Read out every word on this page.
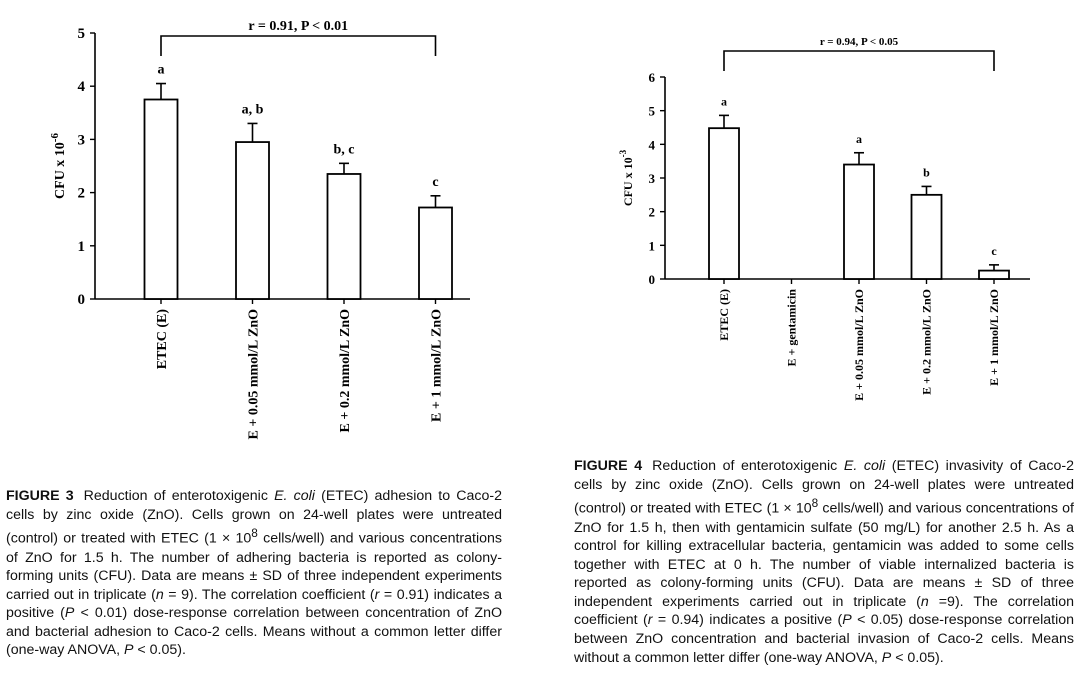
0
1
2
3
4
5
CFU x $10^{-6}$
a
ETEC (E)
a, b
E + 0.05 mmol/L ZnO
b, c
E + 0.2 mmol/L ZnO
c
E + 1 mmol/L ZnO
r = 0.91, P < 0.01
0
1
2
3
4
5
6
CFU x $10^{-3}$
a
ETEC (E)	E + gentamicin
a
E + 0.05 mmol/L ZnO
b
E + 0.2 mmol/L ZnO
c
E + 1 mmol/L ZnO
r = 0.94, P < 0.05
FIGURE 3 Reduction of enterotoxigenic E. coli (ETEC) adhesion to Caco-2 cells by zinc oxide (ZnO). Cells grown on 24-well plates were untreated (control) or treated with ETEC ($1 \times 10^8$ cells/well) and various concentrations of ZnO for 1.5 h. The number of adhering bacteria is reported as colony-forming units (CFU). Data are means ± SD of three independent experiments carried out in triplicate (n = 9). The correlation coefficient (r = 0.91) indicates a positive (P < 0.01) dose-response correlation between concentration of ZnO and bacterial adhesion to Caco-2 cells. Means without a common letter differ (one-way ANOVA, P < 0.05).
FIGURE 4 Reduction of enterotoxigenic E. coli (ETEC) invasivity of Caco-2 cells by zinc oxide (ZnO). Cells grown on 24-well plates were untreated (control) or treated with ETEC ($1 \times 10^8$ cells/well) and various concentrations of ZnO for 1.5 h, then with gentamicin sulfate (50 mg/L) for another 2.5 h. As a control for killing extracellular bacteria, gentamicin was added to some cells together with ETEC at 0 h. The number of viable internalized bacteria is reported as colony-forming units (CFU). Data are means ± SD of three independent experiments carried out in triplicate (n =9). The correlation coefficient (r = 0.94) indicates a positive (P < 0.05) dose-response correlation between ZnO concentration and bacterial invasion of Caco-2 cells. Means without a common letter differ (one-way ANOVA, P < 0.05).
